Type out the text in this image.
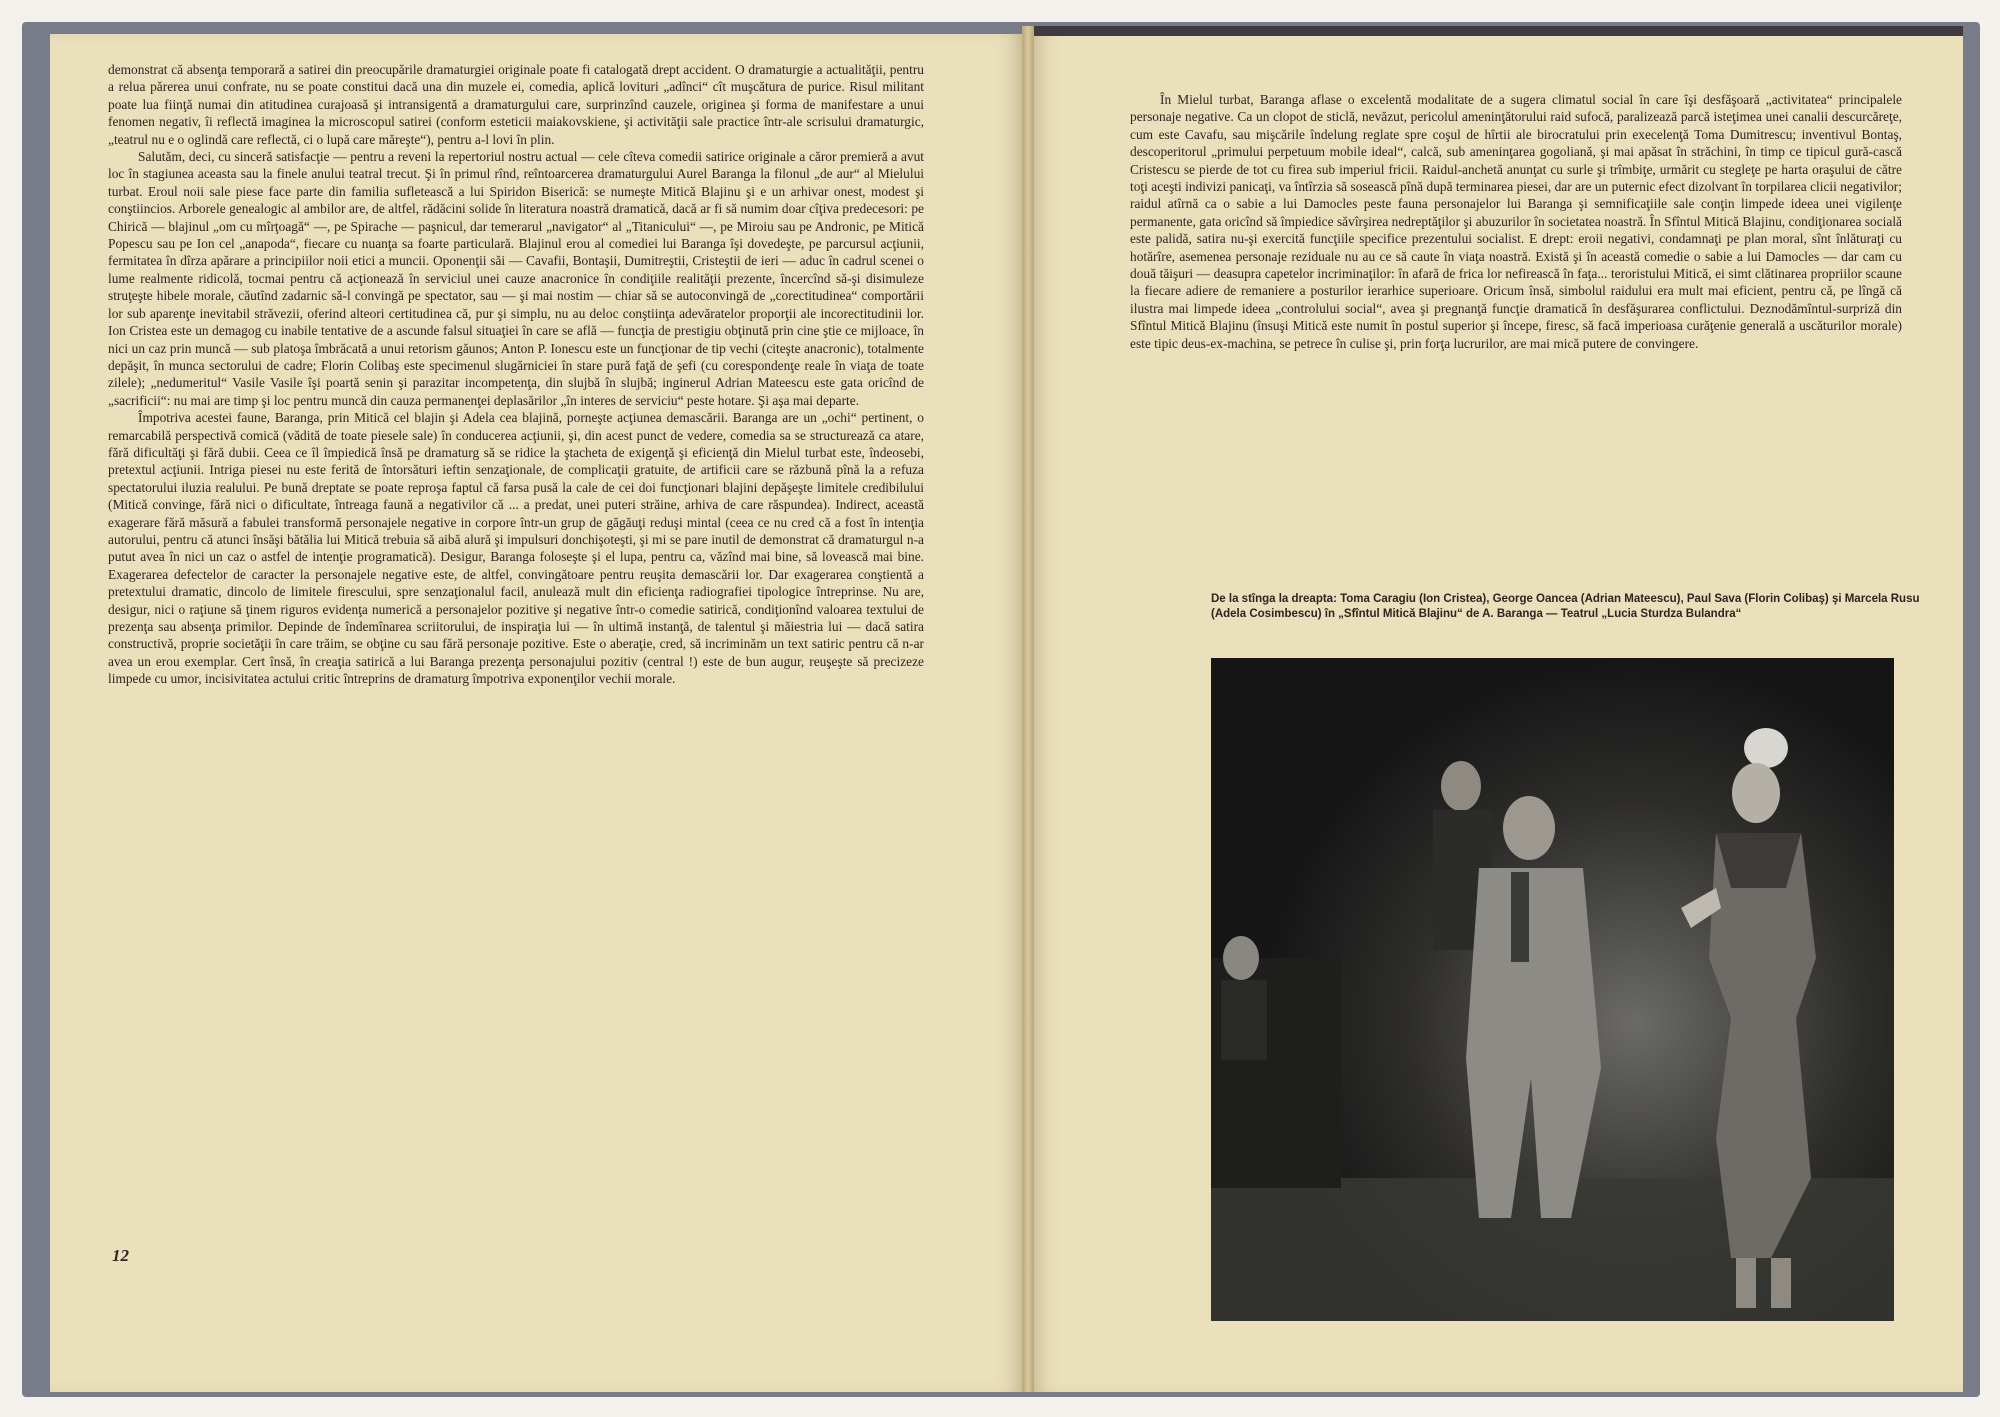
demonstrat că absenţa temporară a satirei din preocupările dramaturgiei originale poate fi catalogată drept accident. O dramaturgie a actualităţii, pentru a relua părerea unui confrate, nu se poate constitui dacă una din muzele ei, comedia, aplică lovituri „adînci“ cît muşcătura de purice. Risul militant poate lua fiinţă numai din atitudinea curajoasă şi intransigentă a dramaturgului care, surprinzînd cauzele, originea şi forma de manifestare a unui fenomen negativ, îi reflectă imaginea la microscopul satirei (conform esteticii maiakovskiene, şi activităţii sale practice într-ale scrisului dramaturgic, „teatrul nu e o oglindă care reflectă, ci o lupă care măreşte“), pentru a-l lovi în plin.

Salutăm, deci, cu sinceră satisfacţie — pentru a reveni la repertoriul nostru actual — cele cîteva comedii satirice originale a căror premieră a avut loc în stagiunea aceasta sau la finele anului teatral trecut. Şi în primul rînd, reîntoarcerea dramaturgului Aurel Baranga la filonul „de aur“ al Mielului turbat. Eroul noii sale piese face parte din familia sufletească a lui Spiridon Biserică: se numeşte Mitică Blajinu şi e un arhivar onest, modest şi conştiincios. Arborele genealogic al ambilor are, de altfel, rădăcini solide în literatura noastră dramatică, dacă ar fi să numim doar cîţiva predecesori: pe Chirică — blajinul „om cu mîrţoagă“ —, pe Spirache — paşnicul, dar temerarul „navigator“ al „Titanicului“ —, pe Miroiu sau pe Andronic, pe Mitică Popescu sau pe Ion cel „anapoda“, fiecare cu nuanţa sa foarte particulară. Blajinul erou al comediei lui Baranga îşi dovedeşte, pe parcursul acţiunii, fermitatea în dîrza apărare a principiilor noii etici a muncii. Oponenţii săi — Cavafii, Bontaşii, Dumitreştii, Cristeştii de ieri — aduc în cadrul scenei o lume realmente ridicolă, tocmai pentru că acţionează în serviciul unei cauze anacronice în condiţiile realităţii prezente, încercînd să-şi disimuleze struţeşte hibele morale, căutînd zadarnic să-l convingă pe spectator, sau — şi mai nostim — chiar să se autoconvingă de „corectitudinea“ comportării lor sub aparenţe inevitabil străvezii, oferind alteori certitudinea că, pur şi simplu, nu au deloc conştiinţa adevăratelor proporţii ale incorectitudinii lor. Ion Cristea este un demagog cu inabile tentative de a ascunde falsul situaţiei în care se află — funcţia de prestigiu obţinută prin cine ştie ce mijloace, în nici un caz prin muncă — sub platoşa îmbrăcată a unui retorism găunos; Anton P. Ionescu este un funcţionar de tip vechi (citeşte anacronic), totalmente depăşit, în munca sectorului de cadre; Florin Colibaş este specimenul slugărniciei în stare pură faţă de şefi (cu corespondenţe reale în viaţa de toate zilele); „nedumeritul“ Vasile Vasile îşi poartă senin şi parazitar incompetenţa, din slujbă în slujbă; inginerul Adrian Mateescu este gata oricînd de „sacrificii“: nu mai are timp şi loc pentru muncă din cauza permanenţei deplasărilor „în interes de serviciu“ peste hotare. Şi aşa mai departe.

Împotriva acestei faune, Baranga, prin Mitică cel blajin şi Adela cea blajină, porneşte acţiunea demascării. Baranga are un „ochi“ pertinent, o remarcabilă perspectivă comică (vădită de toate piesele sale) în conducerea acţiunii, şi, din acest punct de vedere, comedia sa se structurează ca atare, fără dificultăţi şi fără dubii. Ceea ce îl împiedică însă pe dramaturg să se ridice la ştacheta de exigenţă şi eficienţă din Mielul turbat este, îndeosebi, pretextul acţiunii. Intriga piesei nu este ferită de întorsături ieftin senzaţionale, de complicaţii gratuite, de artificii care se răzbună pînă la a refuza spectatorului iluzia realului. Pe bună dreptate se poate reproşa faptul că farsa pusă la cale de cei doi funcţionari blajini depăşeşte limitele credibilului (Mitică convinge, fără nici o dificultate, întreaga faună a negativilor că ... a predat, unei puteri străine, arhiva de care răspundea). Indirect, această exagerare fără măsură a fabulei transformă personajele negative in corpore într-un grup de găgăuţi reduşi mintal (ceea ce nu cred că a fost în intenţia autorului, pentru că atunci însăşi bătălia lui Mitică trebuia să aibă alură şi impulsuri donchişoteşti, şi mi se pare inutil de demonstrat că dramaturgul n-a putut avea în nici un caz o astfel de intenţie programatică). Desigur, Baranga foloseşte şi el lupa, pentru ca, văzînd mai bine, să lovească mai bine. Exagerarea defectelor de caracter la personajele negative este, de altfel, convingătoare pentru reuşita demascării lor. Dar exagerarea conştientă a pretextului dramatic, dincolo de limitele firescului, spre senzaţionalul facil, anulează mult din eficienţa radiografiei tipologice întreprinse. Nu are, desigur, nici o raţiune să ţinem riguros evidenţa numerică a personajelor pozitive şi negative într-o comedie satirică, condiţionînd valoarea textului de prezenţa sau absenţa primilor. Depinde de îndemînarea scriitorului, de inspiraţia lui — în ultimă instanţă, de talentul şi măiestria lui — dacă satira constructivă, proprie societăţii în care trăim, se obţine cu sau fără personaje pozitive. Este o aberaţie, cred, să incriminăm un text satiric pentru că n-ar avea un erou exemplar. Cert însă, în creaţia satirică a lui Baranga prezenţa personajului pozitiv (central !) este de bun augur, reuşeşte să precizeze limpede cu umor, incisivitatea actului critic întreprins de dramaturg împotriva exponenţilor vechii morale.

12

În Mielul turbat, Baranga aflase o excelentă modalitate de a sugera climatul social în care îşi desfăşoară „activitatea“ principalele personaje negative. Ca un clopot de sticlă, nevăzut, pericolul ameninţătorului raid sufocă, paralizează parcă isteţimea unei canalii descurcăreţe, cum este Cavafu, sau mişcările îndelung reglate spre coşul de hîrtii ale birocratului prin execelenţă Toma Dumitrescu; inventivul Bontaş, descoperitorul „primului perpetuum mobile ideal“, calcă, sub ameninţarea gogoliană, şi mai apăsat în străchini, în timp ce tipicul gură-cască Cristescu se pierde de tot cu firea sub imperiul fricii. Raidul-anchetă anunţat cu surle şi trîmbiţe, urmărit cu stegleţe pe harta oraşului de către toţi aceşti indivizi panicaţi, va întîrzia să sosească pînă după terminarea piesei, dar are un puternic efect dizolvant în torpilarea clicii negativilor; raidul atîrnă ca o sabie a lui Damocles peste fauna personajelor lui Baranga şi semnificaţiile sale conţin limpede ideea unei vigilenţe permanente, gata oricînd să împiedice săvîrşirea nedreptăţilor şi abuzurilor în societatea noastră. În Sfîntul Mitică Blajinu, condiţionarea socială este palidă, satira nu-şi exercită funcţiile specifice prezentului socialist. E drept: eroii negativi, condamnaţi pe plan moral, sînt înlăturaţi cu hotărîre, asemenea personaje reziduale nu au ce să caute în viaţa noastră. Există şi în această comedie o sabie a lui Damocles — dar cam cu două tăişuri — deasupra capetelor incriminaţilor: în afară de frica lor nefirească în faţa... teroristului Mitică, ei simt clătinarea propriilor scaune la fiecare adiere de remaniere a posturilor ierarhice superioare. Oricum însă, simbolul raidului era mult mai eficient, pentru că, pe lîngă că ilustra mai limpede ideea „controlului social“, avea şi pregnanţă funcţie dramatică în desfăşurarea conflictului. Deznodămîntul-surpriză din Sfîntul Mitică Blajinu (însuşi Mitică este numit în postul superior şi începe, firesc, să facă imperioasa curăţenie generală a uscăturilor morale) este tipic deus-ex-machina, se petrece în culise şi, prin forţa lucrurilor, are mai mică putere de convingere.

De la stînga la dreapta: Toma Caragiu (Ion Cristea), George Oancea (Adrian Mateescu), Paul Sava (Florin Colibaş) şi Marcela Rusu (Adela Cosimbescu) în „Sfîntul Mitică Blajinu“ de A. Baranga — Teatrul „Lucia Sturdza Bulandra“
